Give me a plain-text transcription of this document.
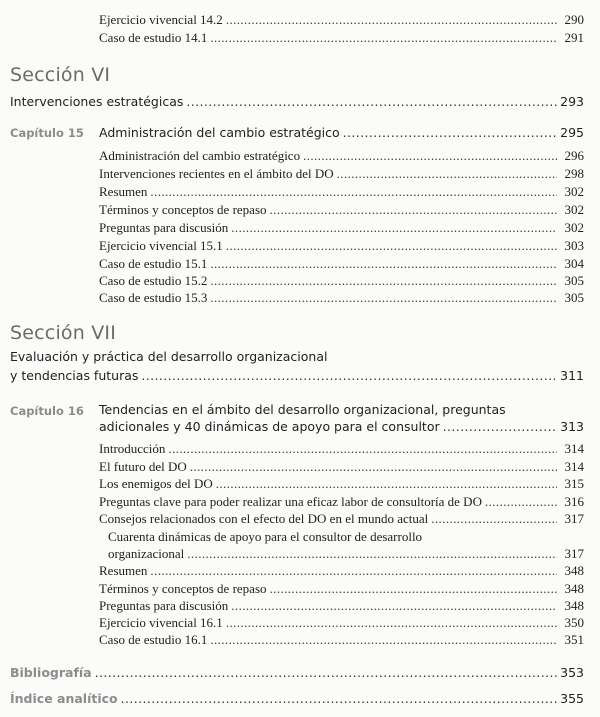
Ejercicio vivencial 14.2 .....	290
Caso de estudio 14.1 .....	291
Sección VI
Intervenciones estratégicas .....	293
Capítulo 15 Administración del cambio estratégico .....	295
Administración del cambio estratégico .....	296
Intervenciones recientes en el ámbito del DO .....	298
Resumen .....	302
Términos y conceptos de repaso .....	302
Preguntas para discusión .....	302
Ejercicio vivencial 15.1 .....	303
Caso de estudio 15.1 .....	304
Caso de estudio 15.2 .....	305
Caso de estudio 15.3 .....	305
Sección VII
Evaluación y práctica del desarrollo organizacional
y tendencias futuras .....	311
Capítulo 16 Tendencias en el ámbito del desarrollo organizacional, preguntas
adicionales y 40 dinámicas de apoyo para el consultor .....	313
Introducción .....	314
El futuro del DO .....	314
Los enemigos del DO .....	315
Preguntas clave para poder realizar una eficaz labor de consultoría de DO .....	316
Consejos relacionados con el efecto del DO en el mundo actual .....	317
Cuarenta dinámicas de apoyo para el consultor de desarrollo
organizacional .....	317
Resumen .....	348
Términos y conceptos de repaso .....	348
Preguntas para discusión .....	348
Ejercicio vivencial 16.1 .....	350
Caso de estudio 16.1 .....	351
Bibliografía .....	353
Índice analítico .....	355
